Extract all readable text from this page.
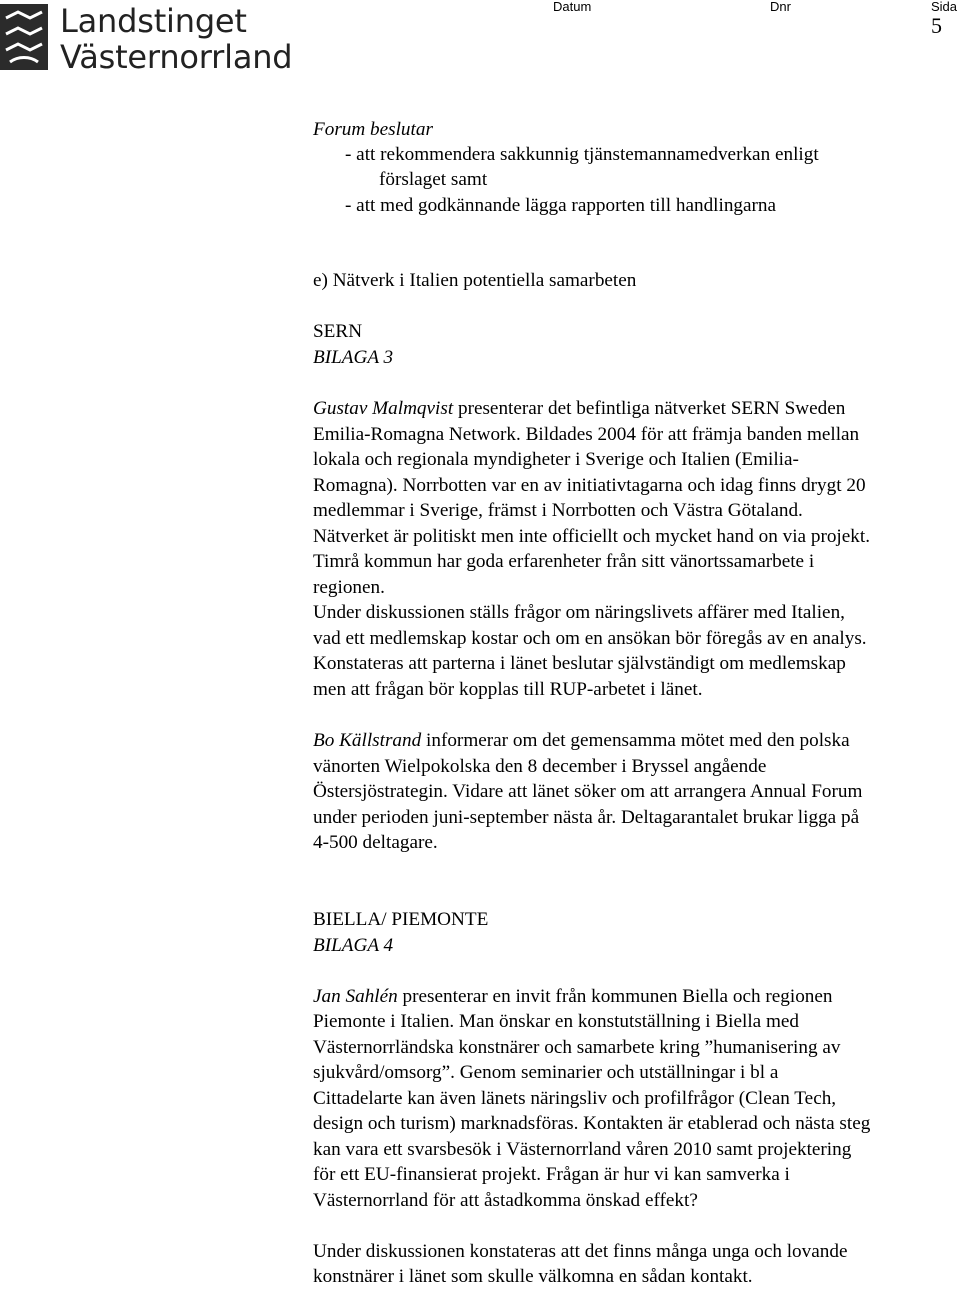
Landstinget
Västernorrland
Datum	Dnr	Sida
5
Forum beslutar
- att rekommendera sakkunnig tjänstemannamedverkan enligt
förslaget samt
- att med godkännande lägga rapporten till handlingarna
e) Nätverk i Italien potentiella samarbeten
SERN
BILAGA 3
Gustav Malmqvist presenterar det befintliga nätverket SERN Sweden
Emilia-Romagna Network. Bildades 2004 för att främja banden mellan
lokala och regionala myndigheter i Sverige och Italien (Emilia-
Romagna). Norrbotten var en av initiativtagarna och idag finns drygt 20
medlemmar i Sverige, främst i Norrbotten och Västra Götaland.
Nätverket är politiskt men inte officiellt och mycket hand on via projekt.
Timrå kommun har goda erfarenheter från sitt vänortssamarbete i
regionen.
Under diskussionen ställs frågor om näringslivets affärer med Italien,
vad ett medlemskap kostar och om en ansökan bör föregås av en analys.
Konstateras att parterna i länet beslutar självständigt om medlemskap
men att frågan bör kopplas till RUP-arbetet i länet.
Bo Källstrand informerar om det gemensamma mötet med den polska
vänorten Wielpokolska den 8 december i Bryssel angående
Östersjöstrategin. Vidare att länet söker om att arrangera Annual Forum
under perioden juni-september nästa år. Deltagarantalet brukar ligga på
4-500 deltagare.
BIELLA/ PIEMONTE
BILAGA 4
Jan Sahlén presenterar en invit från kommunen Biella och regionen
Piemonte i Italien. Man önskar en konstutställning i Biella med
Västernorrländska konstnärer och samarbete kring ”humanisering av
sjukvård/omsorg”. Genom seminarier och utställningar i bl a
Cittadelarte kan även länets näringsliv och profilfrågor (Clean Tech,
design och turism) marknadsföras. Kontakten är etablerad och nästa steg
kan vara ett svarsbesök i Västernorrland våren 2010 samt projektering
för ett EU-finansierat projekt. Frågan är hur vi kan samverka i
Västernorrland för att åstadkomma önskad effekt?
Under diskussionen konstateras att det finns många unga och lovande
konstnärer i länet som skulle välkomna en sådan kontakt.
